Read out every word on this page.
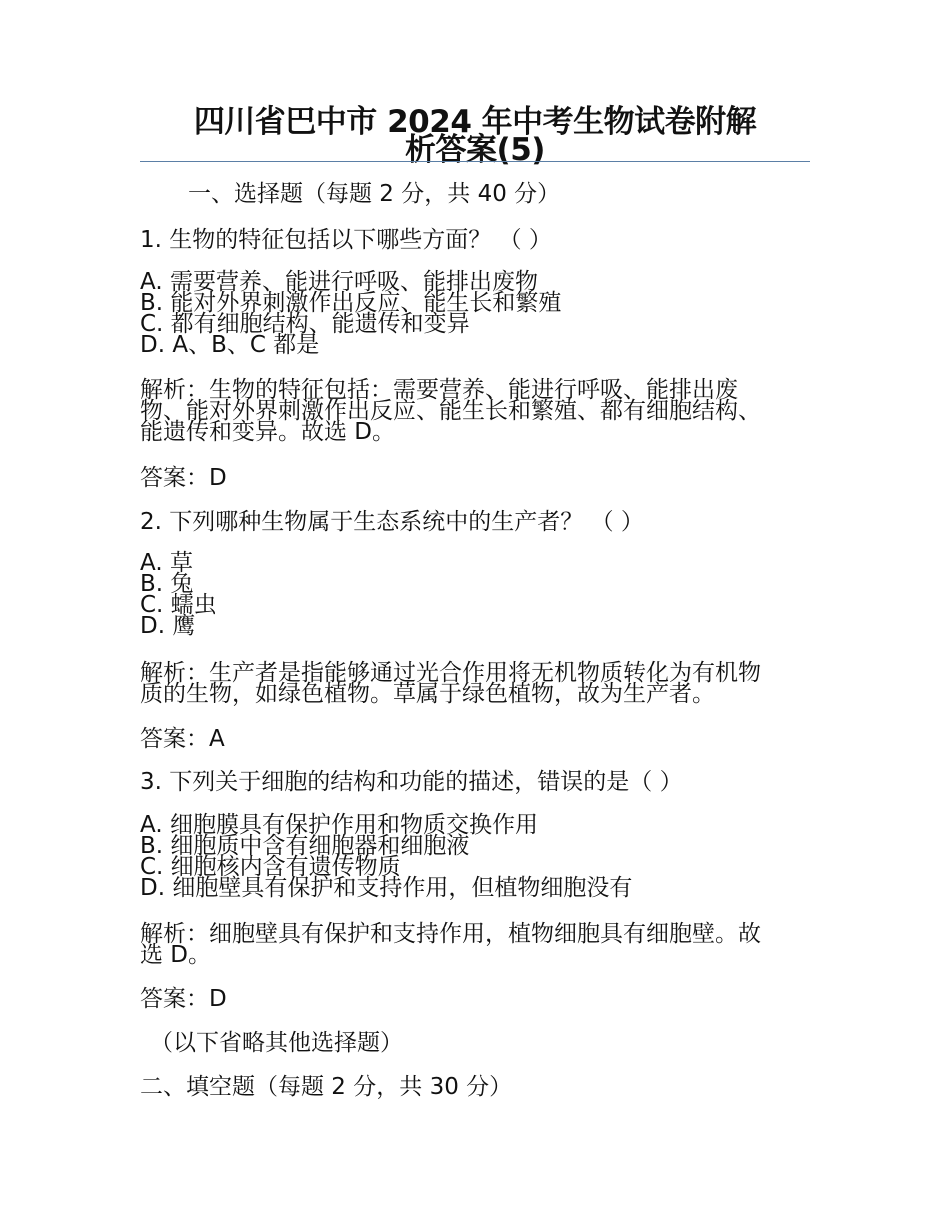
四川省巴中市 2024 年中考生物试卷附解
析答案(5)
一、选择题（每题 2 分，共 40 分）
1. 生物的特征包括以下哪些方面？ （ ）
A. 需要营养、能进行呼吸、能排出废物
B. 能对外界刺激作出反应、能生长和繁殖
C. 都有细胞结构、能遗传和变异
D. A、B、C 都是
解析：生物的特征包括：需要营养、能进行呼吸、能排出废
物、能对外界刺激作出反应、能生长和繁殖、都有细胞结构、
能遗传和变异。故选 D。
答案：D
2. 下列哪种生物属于生态系统中的生产者？ （ ）
A. 草
B. 兔
C. 蠕虫
D. 鹰
解析：生产者是指能够通过光合作用将无机物质转化为有机物
质的生物，如绿色植物。草属于绿色植物，故为生产者。
答案：A
3. 下列关于细胞的结构和功能的描述，错误的是（ ）
A. 细胞膜具有保护作用和物质交换作用
B. 细胞质中含有细胞器和细胞液
C. 细胞核内含有遗传物质
D. 细胞壁具有保护和支持作用，但植物细胞没有
解析：细胞壁具有保护和支持作用，植物细胞具有细胞壁。故
选 D。
答案：D
（以下省略其他选择题）
二、填空题（每题 2 分，共 30 分）
